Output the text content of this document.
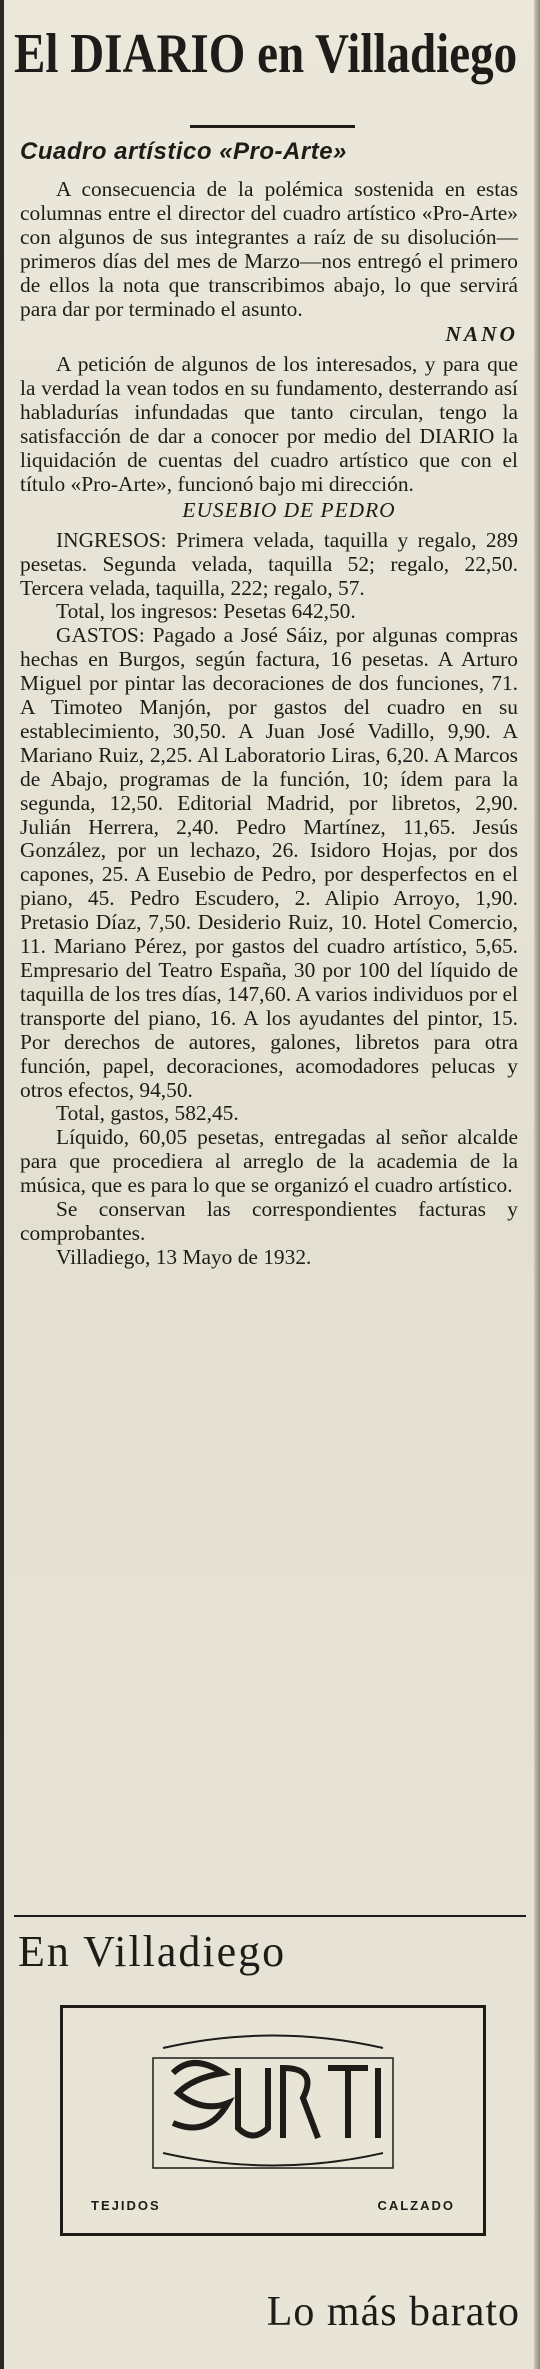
El DIARIO en Villadiego
Cuadro artístico «Pro-Arte»

A consecuencia de la polémica sostenida en estas columnas entre el director del cuadro artístico «Pro-Arte» con algunos de sus integrantes a raíz de su disolución—primeros días del mes de Marzo—nos entregó el primero de ellos la nota que transcribimos abajo, lo que servirá para dar por terminado el asunto.

NANO

A petición de algunos de los interesados, y para que la verdad la vean todos en su fundamento, desterrando así habladurías infundadas que tanto circulan, tengo la satisfacción de dar a conocer por medio del DIARIO la liquidación de cuentas del cuadro artístico que con el título «Pro-Arte», funcionó bajo mi dirección.

EUSEBIO DE PEDRO

INGRESOS: Primera velada, taquilla y regalo, 289 pesetas. Segunda velada, taquilla 52; regalo, 22,50. Tercera velada, taquilla, 222; regalo, 57.

Total, los ingresos: Pesetas 642,50.

GASTOS: Pagado a José Sáiz, por algunas compras hechas en Burgos, según factura, 16 pesetas. A Arturo Miguel por pintar las decoraciones de dos funciones, 71. A Timoteo Manjón, por gastos del cuadro en su establecimiento, 30,50. A Juan José Vadillo, 9,90. A Mariano Ruiz, 2,25. Al Laboratorio Liras, 6,20. A Marcos de Abajo, programas de la función, 10; ídem para la segunda, 12,50. Editorial Madrid, por libretos, 2,90. Julián Herrera, 2,40. Pedro Martínez, 11,65. Jesús González, por un lechazo, 26. Isidoro Hojas, por dos capones, 25. A Eusebio de Pedro, por desperfectos en el piano, 45. Pedro Escudero, 2. Alipio Arroyo, 1,90. Pretasio Díaz, 7,50. Desiderio Ruiz, 10. Hotel Comercio, 11. Mariano Pérez, por gastos del cuadro artístico, 5,65. Empresario del Teatro España, 30 por 100 del líquido de taquilla de los tres días, 147,60. A varios individuos por el transporte del piano, 16. A los ayudantes del pintor, 15. Por derechos de autores, galones, libretos para otra función, papel, decoraciones, acomodadores pelucas y otros efectos, 94,50.

Total, gastos, 582,45.

Líquido, 60,05 pesetas, entregadas al señor alcalde para que procediera al arreglo de la academia de la música, que es para lo que se organizó el cuadro artístico.

Se conservan las correspondientes facturas y comprobantes.

Villadiego, 13 Mayo de 1932.

En Villadiego
TEJIDOS	CALZADO
Lo más barato
